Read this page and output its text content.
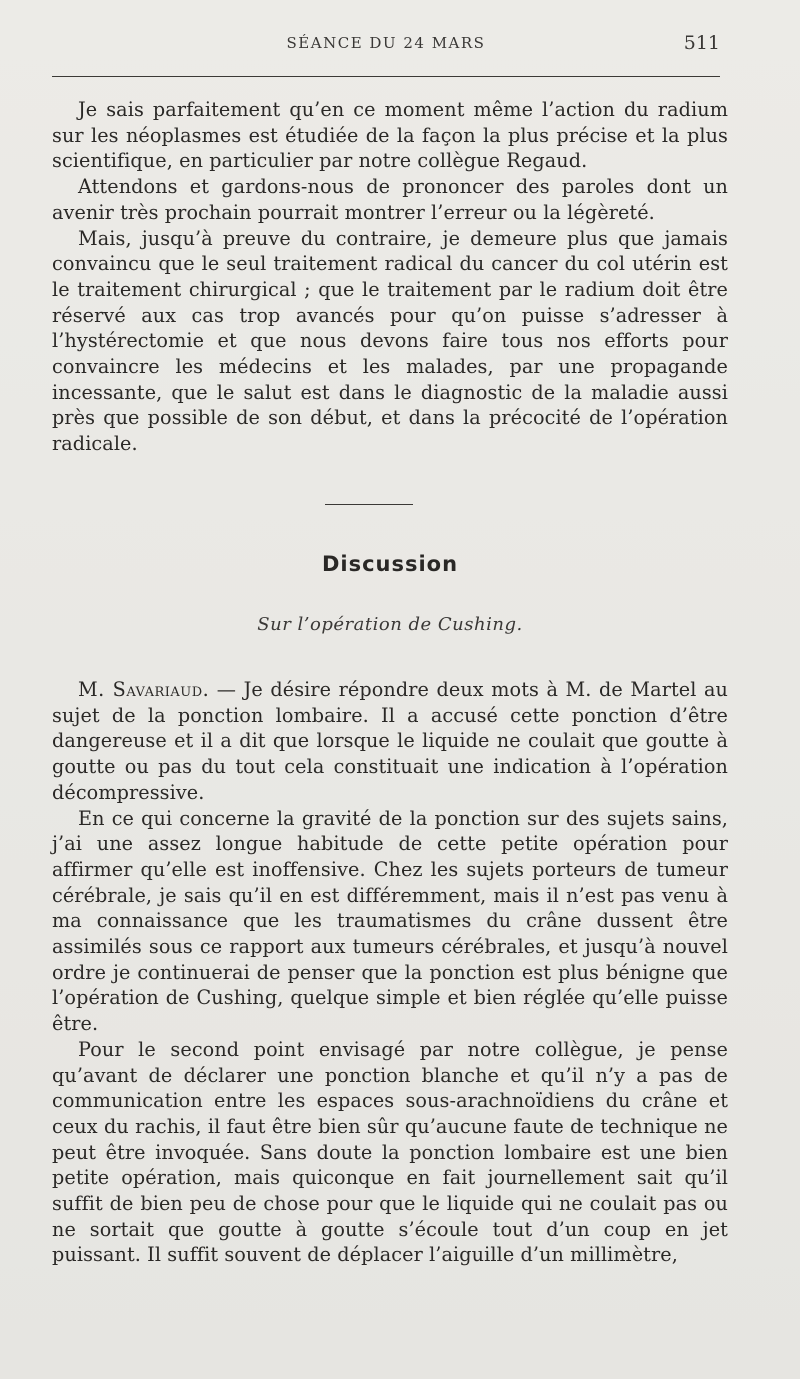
SÉANCE DU 24 MARS	511

Je sais parfaitement qu’en ce moment même l’action du radium sur les néoplasmes est étudiée de la façon la plus précise et la plus scientifique, en particulier par notre collègue Regaud.

Attendons et gardons-nous de prononcer des paroles dont un avenir très prochain pourrait montrer l’erreur ou la légèreté.

Mais, jusqu’à preuve du contraire, je demeure plus que jamais convaincu que le seul traitement radical du cancer du col utérin est le traitement chirurgical ; que le traitement par le radium doit être réservé aux cas trop avancés pour qu’on puisse s’adresser à l’hystérectomie et que nous devons faire tous nos efforts pour convaincre les médecins et les malades, par une propagande incessante, que le salut est dans le diagnostic de la maladie aussi près que possible de son début, et dans la précocité de l’opération radicale.

Discussion
Sur l’opération de Cushing.

M. Savariaud. — Je désire répondre deux mots à M. de Martel au sujet de la ponction lombaire. Il a accusé cette ponction d’être dangereuse et il a dit que lorsque le liquide ne coulait que goutte à goutte ou pas du tout cela constituait une indication à l’opération décompressive.

En ce qui concerne la gravité de la ponction sur des sujets sains, j’ai une assez longue habitude de cette petite opération pour affirmer qu’elle est inoffensive. Chez les sujets porteurs de tumeur cérébrale, je sais qu’il en est différemment, mais il n’est pas venu à ma connaissance que les traumatismes du crâne dussent être assimilés sous ce rapport aux tumeurs cérébrales, et jusqu’à nouvel ordre je continuerai de penser que la ponction est plus bénigne que l’opération de Cushing, quelque simple et bien réglée qu’elle puisse être.

Pour le second point envisagé par notre collègue, je pense qu’avant de déclarer une ponction blanche et qu’il n’y a pas de communication entre les espaces sous-arachnoïdiens du crâne et ceux du rachis, il faut être bien sûr qu’aucune faute de technique ne peut être invoquée. Sans doute la ponction lombaire est une bien petite opération, mais quiconque en fait journellement sait qu’il suffit de bien peu de chose pour que le liquide qui ne coulait pas ou ne sortait que goutte à goutte s’écoule tout d’un coup en jet puissant. Il suffit souvent de déplacer l’aiguille d’un millimètre,
